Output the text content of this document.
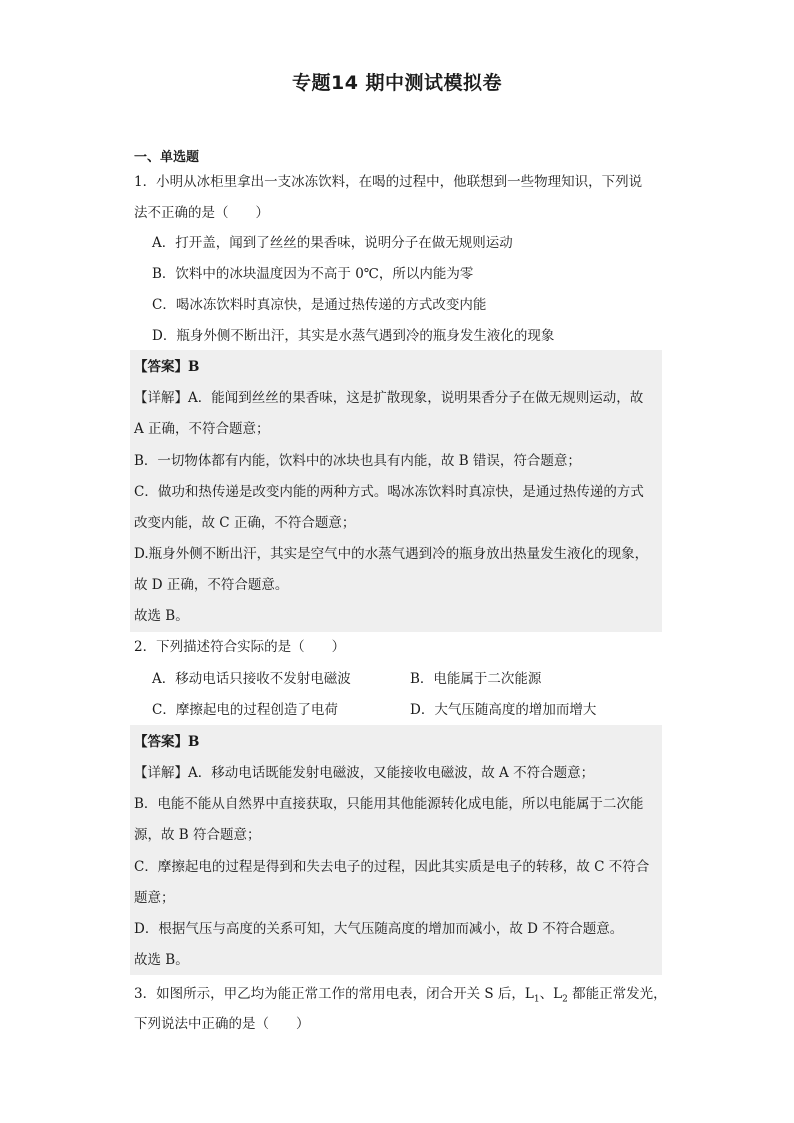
专题14 期中测试模拟卷
一、单选题
1．小明从冰柜里拿出一支冰冻饮料，在喝的过程中，他联想到一些物理知识，下列说
法不正确的是（　　）
A．打开盖，闻到了丝丝的果香味，说明分子在做无规则运动
B．饮料中的冰块温度因为不高于 0℃，所以内能为零
C．喝冰冻饮料时真凉快，是通过热传递的方式改变内能
D．瓶身外侧不断出汗，其实是水蒸气遇到冷的瓶身发生液化的现象
【答案】B
【详解】A．能闻到丝丝的果香味，这是扩散现象，说明果香分子在做无规则运动，故
A 正确，不符合题意；
B．一切物体都有内能，饮料中的冰块也具有内能，故 B 错误，符合题意；
C．做功和热传递是改变内能的两种方式。喝冰冻饮料时真凉快，是通过热传递的方式
改变内能，故 C 正确，不符合题意；
D.瓶身外侧不断出汗，其实是空气中的水蒸气遇到冷的瓶身放出热量发生液化的现象，
故 D 正确，不符合题意。
故选 B。
2．下列描述符合实际的是（　　）
A．移动电话只接收不发射电磁波	B．电能属于二次能源
C．摩擦起电的过程创造了电荷	D．大气压随高度的增加而增大
【答案】B
【详解】A．移动电话既能发射电磁波，又能接收电磁波，故 A 不符合题意；
B．电能不能从自然界中直接获取，只能用其他能源转化成电能，所以电能属于二次能
源，故 B 符合题意；
C．摩擦起电的过程是得到和失去电子的过程，因此其实质是电子的转移，故 C 不符合
题意；
D．根据气压与高度的关系可知，大气压随高度的增加而减小，故 D 不符合题意。
故选 B。
3．如图所示，甲乙均为能正常工作的常用电表，闭合开关 S 后，$L_1$、$L_2$ 都能正常发光，
下列说法中正确的是（　　）
